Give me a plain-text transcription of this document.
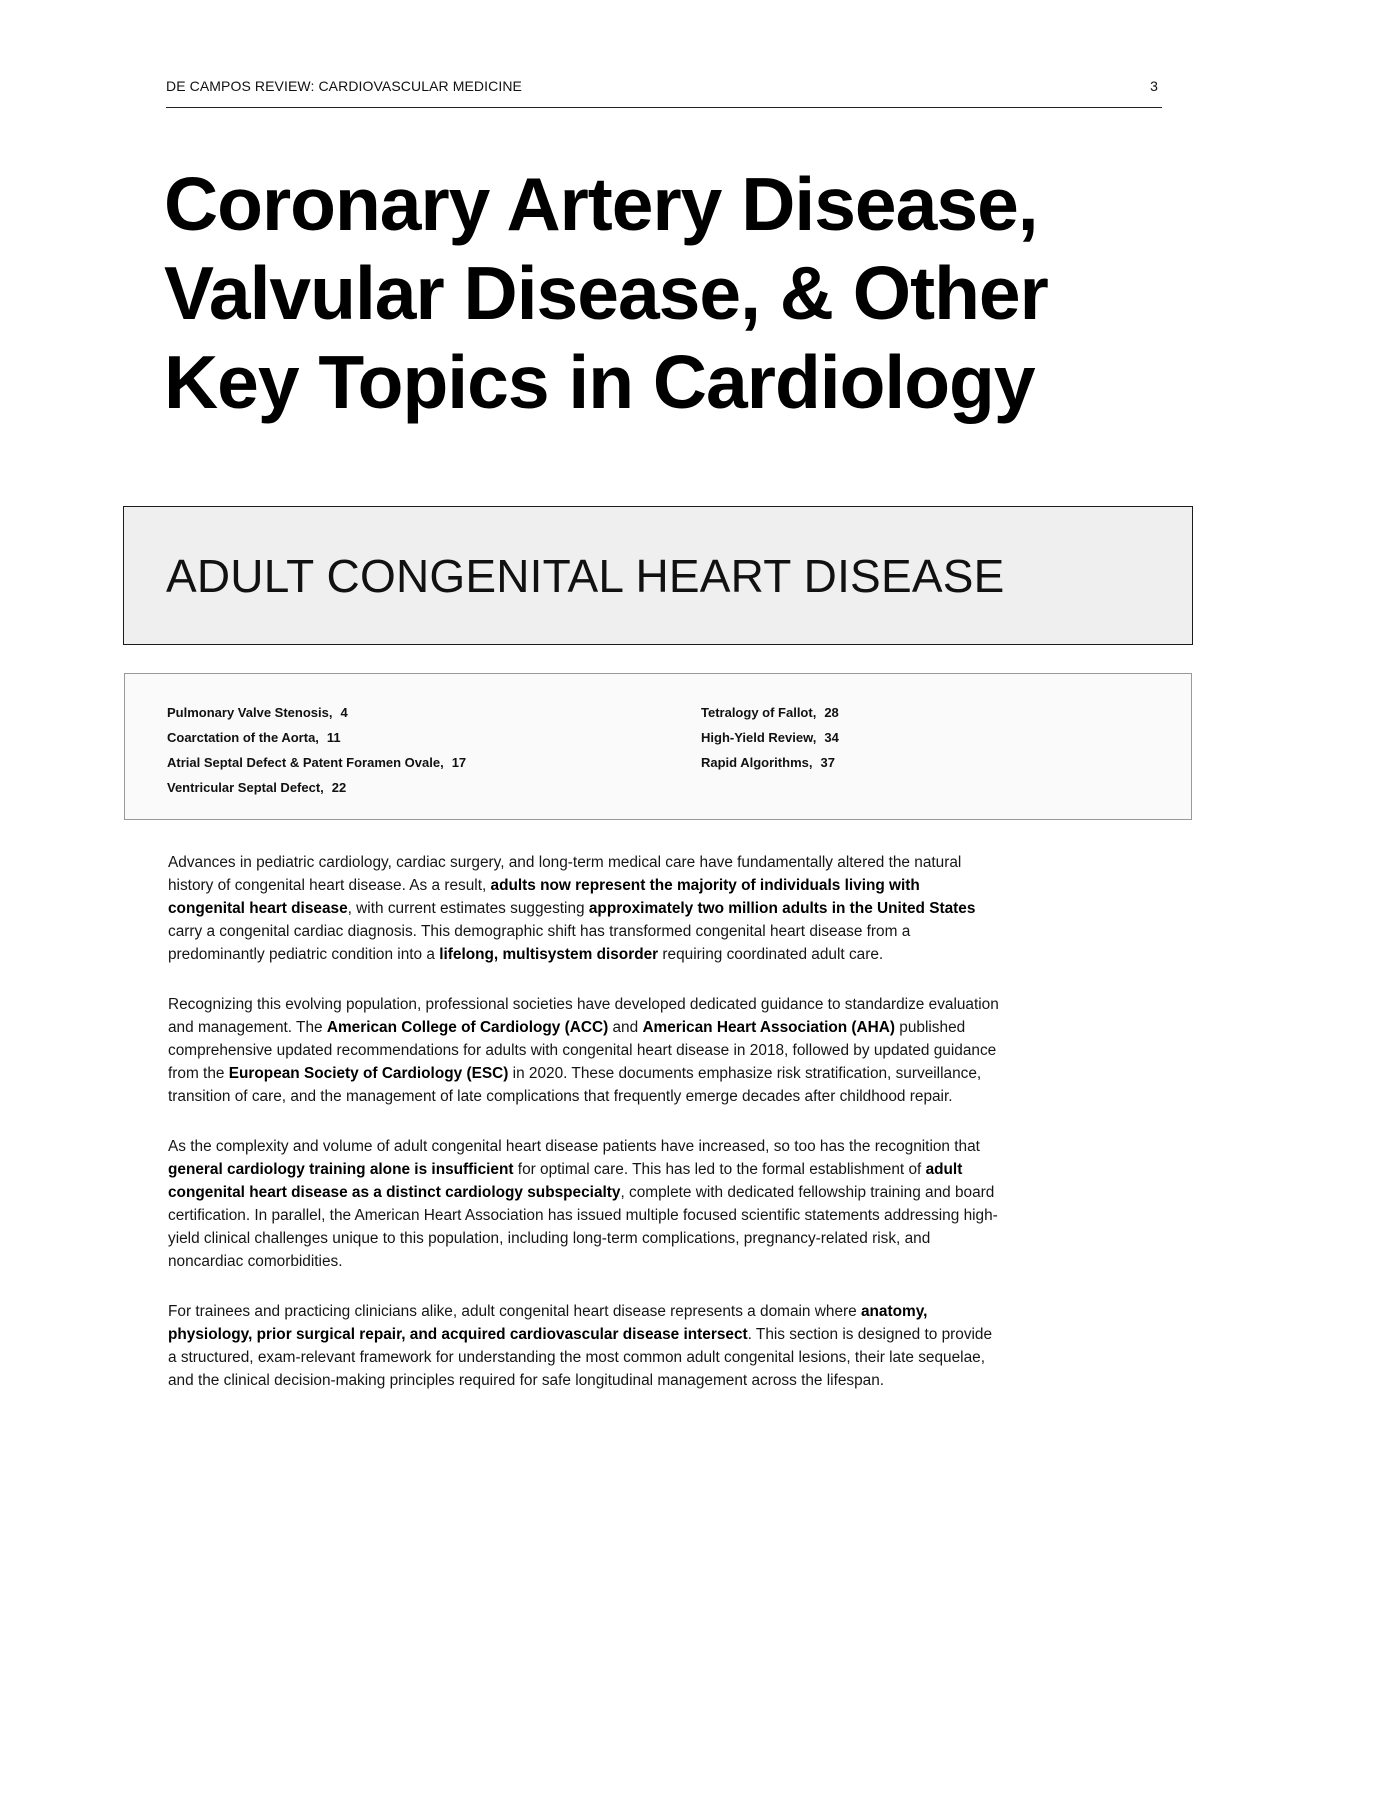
DE CAMPOS REVIEW: CARDIOVASCULAR MEDICINE	3
Coronary Artery Disease,
Valvular Disease, & Other
Key Topics in Cardiology
ADULT CONGENITAL HEART DISEASE
Pulmonary Valve Stenosis, 4
Coarctation of the Aorta, 11
Atrial Septal Defect & Patent Foramen Ovale, 17
Ventricular Septal Defect, 22
Tetralogy of Fallot, 28
High-Yield Review, 34
Rapid Algorithms, 37

Advances in pediatric cardiology, cardiac surgery, and long-term medical care have fundamentally altered the natural history of congenital heart disease. As a result, adults now represent the majority of individuals living with congenital heart disease, with current estimates suggesting approximately two million adults in the United States carry a congenital cardiac diagnosis. This demographic shift has transformed congenital heart disease from a predominantly pediatric condition into a lifelong, multisystem disorder requiring coordinated adult care.

Recognizing this evolving population, professional societies have developed dedicated guidance to standardize evaluation and management. The American College of Cardiology (ACC) and American Heart Association (AHA) published comprehensive updated recommendations for adults with congenital heart disease in 2018, followed by updated guidance from the European Society of Cardiology (ESC) in 2020. These documents emphasize risk stratification, surveillance, transition of care, and the management of late complications that frequently emerge decades after childhood repair.

As the complexity and volume of adult congenital heart disease patients have increased, so too has the recognition that general cardiology training alone is insufficient for optimal care. This has led to the formal establishment of adult congenital heart disease as a distinct cardiology subspecialty, complete with dedicated fellowship training and board certification. In parallel, the American Heart Association has issued multiple focused scientific statements addressing high-yield clinical challenges unique to this population, including long-term complications, pregnancy-related risk, and noncardiac comorbidities.

For trainees and practicing clinicians alike, adult congenital heart disease represents a domain where anatomy, physiology, prior surgical repair, and acquired cardiovascular disease intersect. This section is designed to provide a structured, exam-relevant framework for understanding the most common adult congenital lesions, their late sequelae, and the clinical decision-making principles required for safe longitudinal management across the lifespan.
